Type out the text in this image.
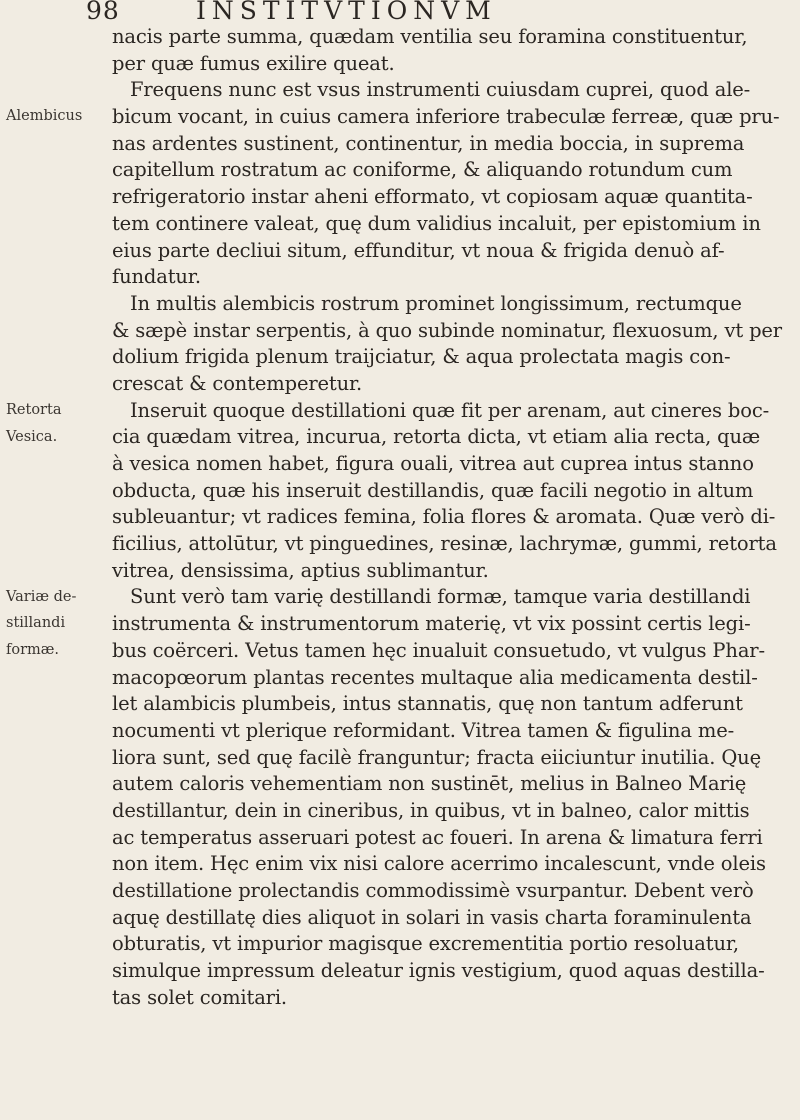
98	INSTITVTIONVM
Alembicus
Retorta
Vesica.
Variæ de-
stillandi
formæ.
nacis parte summa, quædam ventilia seu foramina constituentur,
per quæ fumus exilire queat.
Frequens nunc est vsus instrumenti cuiusdam cuprei, quod ale-
bicum vocant, in cuius camera inferiore trabeculæ ferreæ, quæ pru-
nas ardentes sustinent, continentur, in media boccia, in suprema
capitellum rostratum ac coniforme, & aliquando rotundum cum
refrigeratorio instar aheni efformato, vt copiosam aquæ quantita-
tem continere valeat, quę dum validius incaluit, per epistomium in
eius parte decliui situm, effunditur, vt noua & frigida denuò af-
fundatur.
In multis alembicis rostrum prominet longissimum, rectumque
& sæpè instar serpentis, à quo subinde nominatur, flexuosum, vt per
dolium frigida plenum traijciatur, & aqua prolectata magis con-
crescat & contemperetur.
Inseruit quoque destillationi quæ fit per arenam, aut cineres boc-
cia quædam vitrea, incurua, retorta dicta, vt etiam alia recta, quæ
à vesica nomen habet, figura ouali, vitrea aut cuprea intus stanno
obducta, quæ his inseruit destillandis, quæ facili negotio in altum
subleuantur; vt radices femina, folia flores & aromata. Quæ verò di-
ficilius, attolūtur, vt pinguedines, resinæ, lachrymæ, gummi, retorta
vitrea, densissima, aptius sublimantur.
Sunt verò tam varię destillandi formæ, tamque varia destillandi
instrumenta & instrumentorum materię, vt vix possint certis legi-
bus coërceri. Vetus tamen hęc inualuit consuetudo, vt vulgus Phar-
macopœorum plantas recentes multaque alia medicamenta destil-
let alambicis plumbeis, intus stannatis, quę non tantum adferunt
nocumenti vt plerique reformidant. Vitrea tamen & figulina me-
liora sunt, sed quę facilè franguntur; fracta eiiciuntur inutilia. Quę
autem caloris vehementiam non sustinēt, melius in Balneo Marię
destillantur, dein in cineribus, in quibus, vt in balneo, calor mittis
ac temperatus asseruari potest ac foueri. In arena & limatura ferri
non item. Hęc enim vix nisi calore acerrimo incalescunt, vnde oleis
destillatione prolectandis commodissimè vsurpantur. Debent verò
aquę destillatę dies aliquot in solari in vasis charta foraminulenta
obturatis, vt impurior magisque excrementitia portio resoluatur,
simulque impressum deleatur ignis vestigium, quod aquas destilla-
tas solet comitari.
